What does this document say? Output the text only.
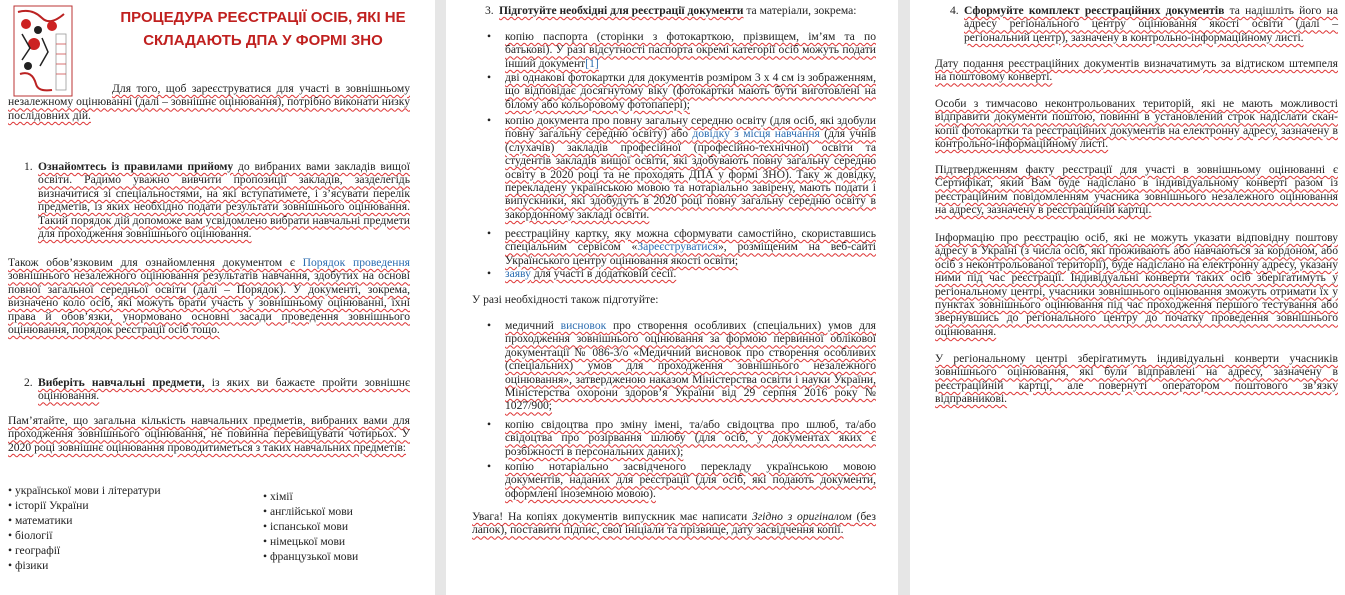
ПРОЦЕДУРА РЕЄСТРАЦІЇ ОСІБ, ЯКІ НЕ СКЛАДАЮТЬ ДПА У ФОРМІ ЗНО

Для того, щоб зареєструватися для участі в зовнішньому незалежному оцінюванні (далі – зовнішнє оцінювання), потрібно виконати низку послідовних дій.

1. Ознайомтесь із правилами прийому до вибраних вами закладів вищої освіти. Радимо уважно вивчити пропозиції закладів, зазделегідь визначитися зі спеціальностями, на які вступатимете, і з’ясувати перелік предметів, із яких необхідно подати результати зовнішнього оцінювання. Такий порядок дій допоможе вам усвідомлено вибрати навчальні предмети для проходження зовнішнього оцінювання.

Також обов’язковим для ознайомлення документом є Порядок проведення зовнішнього незалежного оцінювання результатів навчання, здобутих на основі повної загальної середньої освіти (далі – Порядок). У документі, зокрема, визначено коло осіб, які можуть брати участь у зовнішньому оцінюванні, їхні права й обов’язки, унормовано основні засади проведення зовнішнього оцінювання, порядок реєстрації осіб тощо.

2. Виберіть навчальні предмети, із яких ви бажаєте пройти зовнішнє оцінювання.

Пам’ятайте, що загальна кількість навчальних предметів, вибраних вами для проходження зовнішнього оцінювання, не повинна перевищувати чотирьох. У 2020 році зовнішнє оцінювання проводитиметься з таких навчальних предметів:

• української мови і літератури
• історії України
• математики
• біології
• географії
• фізики
• хімії
• англійської мови
• іспанської мови
• німецької мови
• французької мови
3. Підготуйте необхідні для реєстрації документи та матеріали, зокрема:

• копію паспорта (сторінки з фотокарткою, прізвищем, ім’ям та по батькові). У разі відсутності паспорта окремі категорії осіб можуть подати інший документ[1]

• дві однакові фотокартки для документів розміром 3 х 4 см із зображенням, що відповідає досягнутому віку (фотокартки мають бути виготовлені на білому або кольоровому фотопапері);

• копію документа про повну загальну середню освіту (для осіб, які здобули повну загальну середню освіту) або довідку з місця навчання (для учнів (слухачів) закладів професійної (професійно-технічної) освіти та студентів закладів вищої освіти, які здобувають повну загальну середню освіту в 2020 році та не проходять ДПА у формі ЗНО). Таку ж довідку, перекладену українською мовою та нотаріально завірену, мають подати і випускники, які здобудуть в 2020 році повну загальну середню освіту в закордонному закладі освіти.

• реєстраційну картку, яку можна сформувати самостійно, скориставшись спеціальним сервісом «Зареєструватися», розміщеним на веб-сайті Українського центру оцінювання якості освіти;

• заяву для участі в додатковій сесії.

У разі необхідності також підготуйте:

• медичний висновок про створення особливих (спеціальних) умов для проходження зовнішнього оцінювання за формою первинної облікової документації № 086-3/о «Медичний висновок про створення особливих (спеціальних) умов для проходження зовнішнього незалежного оцінювання», затвердженою наказом Міністерства освіти і науки України, Міністерства охорони здоров’я України від 29 серпня 2016 року № 1027/900;

• копію свідоцтва про зміну імені, та/або свідоцтва про шлюб, та/або свідоцтва про розірвання шлюбу (для осіб, у документах яких є розбіжності в персональних даних);

• копію нотаріально засвідченого перекладу українською мовою документів, наданих для реєстрації (для осіб, які подають документи, оформлені іноземною мовою).

Увага! На копіях документів випускник має написати Згідно з оригіналом (без лапок), поставити підпис, свої ініціали та прізвище, дату засвідчення копії.

4. Сформуйте комплект реєстраційних документів та надішліть його на адресу регіонального центру оцінювання якості освіти (далі – регіональний центр), зазначену в контрольно-інформаційному листі.

Дату подання реєстраційних документів визначатимуть за відтиском штемпеля на поштовому конверті.

Особи з тимчасово неконтрольованих територій, які не мають можливості відправити документи поштою, повинні в установлений строк надіслати скан-копії фотокартки та реєстраційних документів на електронну адресу, зазначену в контрольно-інформаційному листі.

Підтвердженням факту реєстрації для участі в зовнішньому оцінюванні є Сертифікат, який Вам буде надіслано в індивідуальному конверті разом із реєстраційним повідомленням учасника зовнішнього незалежного оцінювання на адресу, зазначену в реєстраційній картці.

Інформацію про реєстрацію осіб, які не можуть указати відповідну поштову адресу в Україні (з числа осіб, які проживають або навчаються за кордоном, або осіб з неконтрольованої території), буде надіслано на електронну адресу, указану ними під час реєстрації. Індивідуальні конверти таких осіб зберігатимуть у регіональному центрі, учасники зовнішнього оцінювання зможуть отримати їх у пунктах зовнішнього оцінювання під час проходження першого тестування або звернувшись до регіонального центру до початку проведення зовнішнього оцінювання.

У регіональному центрі зберігатимуть індивідуальні конверти учасників зовнішнього оцінювання, які були відправлені на адресу, зазначену в реєстраційній картці, але повернуті оператором поштового зв’язку відправникові.
